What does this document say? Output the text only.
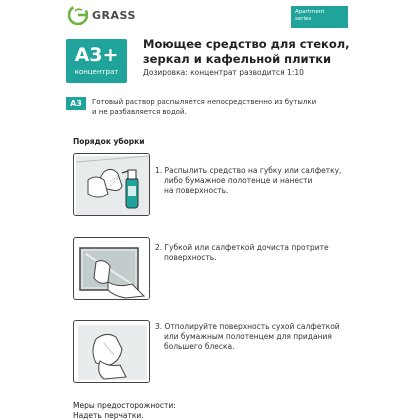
GRASS	Apartment
series
А3+
концентрат
Моющее средство для стекол,
зеркал и кафельной плитки
Дозировка: концентрат разводится 1:10
А3	Готовый раствор распыляется непосредственно из бутылки
и не разбавляется водой.
Порядок уборки
1. Распылить средство на губку или салфетку,
либо бумажное полотенце и нанести
на поверхность.
2. Губкой или салфеткой дочиста протрите
поверхность.
3. Отполируйте поверхность сухой салфеткой
или бумажным полотенцем для придания
большего блеска.
Меры предосторожности:
Надеть перчатки.
